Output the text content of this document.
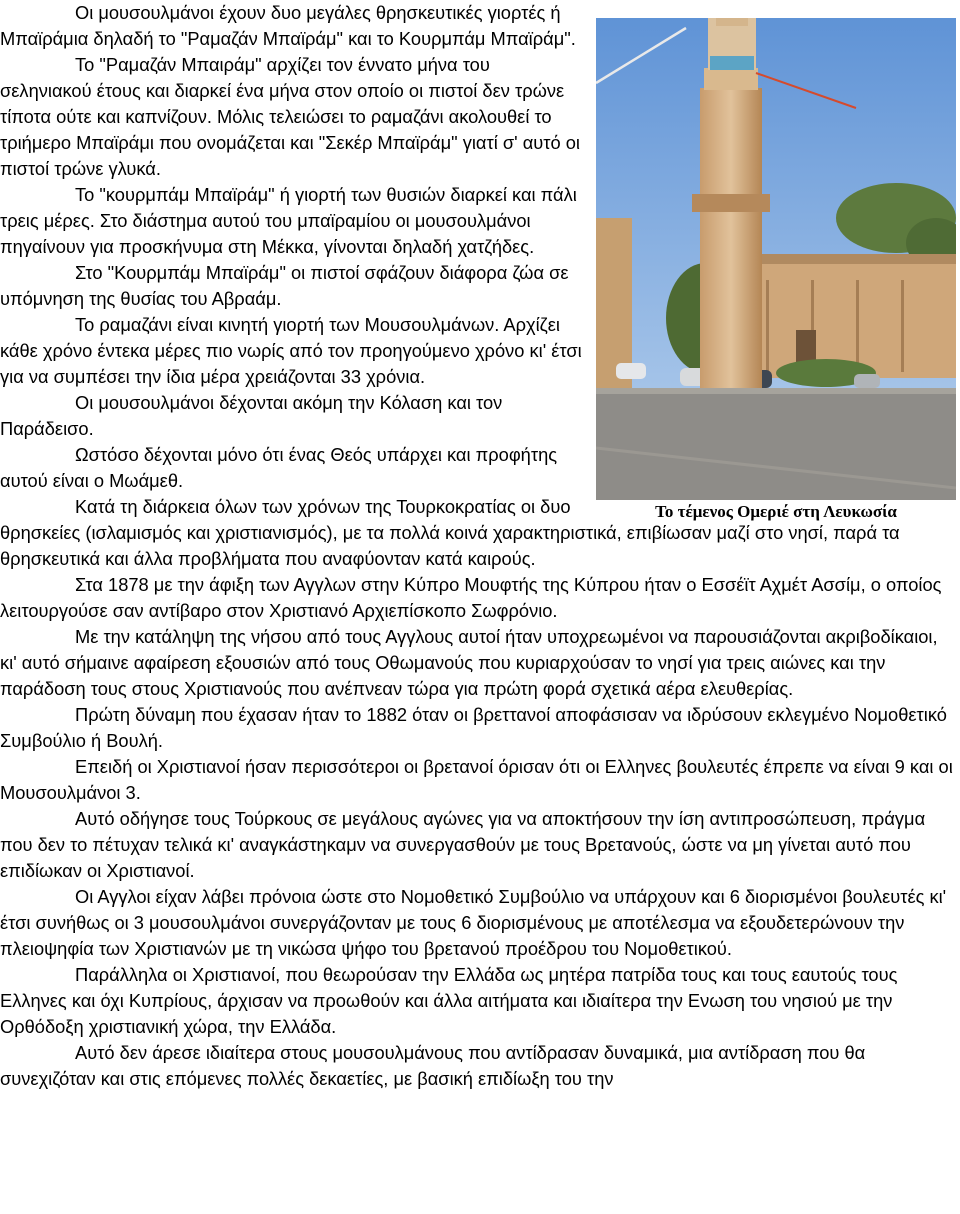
Το τέμενος Ομεριέ στη Λευκωσία

Οι μουσουλμάνοι έχουν δυο μεγάλες θρησκευτικές γιορτές ή Μπαϊράμια δηλαδή το "Ραμαζάν Μπαϊράμ" και το Κουρμπάμ Μπαϊράμ".

Το "Ραμαζάν Μπαιράμ" αρχίζει τον έννατο μήνα του σεληνιακού έτους και διαρκεί ένα μήνα στον οποίο οι πιστοί δεν τρώνε τίποτα ούτε και καπνίζουν. Μόλις τελειώσει το ραμαζάνι ακολουθεί το τριήμερο Μπαϊράμι που ονομάζεται και "Σεκέρ Μπαϊράμ" γιατί σ' αυτό οι πιστοί τρώνε γλυκά.

Το "κουρμπάμ Μπαϊράμ" ή γιορτή των θυσιών διαρκεί και πάλι τρεις μέρες. Στο διάστημα αυτού του μπαϊραμίου οι μουσουλμάνοι πηγαίνουν για προσκήνυμα στη Μέκκα, γίνονται δηλαδή χατζήδες.

Στο "Κουρμπάμ Μπαϊράμ" οι πιστοί σφάζουν διάφορα ζώα σε υπόμνηση της θυσίας του Αβραάμ.

Το ραμαζάνι είναι κινητή γιορτή των Μουσουλμάνων. Αρχίζει κάθε χρόνο έντεκα μέρες πιο νωρίς από τον προηγούμενο χρόνο κι' έτσι για να συμπέσει την ίδια μέρα χρειάζονται 33 χρόνια.

Οι μουσουλμάνοι δέχονται ακόμη την Κόλαση και τον Παράδεισο.

Ωστόσο δέχονται μόνο ότι ένας Θεός υπάρχει και προφήτης αυτού είναι ο Μωάμεθ.

Κατά τη διάρκεια όλων των χρόνων της Τουρκοκρατίας οι δυο θρησκείες (ισλαμισμός και χριστιανισμός), με τα πολλά κοινά χαρακτηριστικά, επιβίωσαν μαζί στο νησί, παρά τα θρησκευτικά και άλλα προβλήματα που αναφύονταν κατά καιρούς.

Στα 1878 με την άφιξη των Αγγλων στην Κύπρο Μουφτής της Κύπρου ήταν ο Εσσέϊτ Αχμέτ Ασσίμ, ο οποίος λειτουργούσε σαν αντίβαρο στον Χριστιανό Αρχιεπίσκοπο Σωφρόνιο.

Με την κατάληψη της νήσου από τους Αγγλους αυτοί ήταν υποχρεωμένοι να παρουσιάζονται ακριβοδίκαιοι, κι' αυτό σήμαινε αφαίρεση εξουσιών από τους Οθωμανούς που κυριαρχούσαν το νησί για τρεις αιώνες και την παράδοση τους στους Χριστιανούς που ανέπνεαν τώρα για πρώτη φορά σχετικά αέρα ελευθερίας.

Πρώτη δύναμη που έχασαν ήταν το 1882 όταν οι βρεττανοί αποφάσισαν να ιδρύσουν εκλεγμένο Νομοθετικό Συμβούλιο ή Βουλή.

Επειδή οι Χριστιανοί ήσαν περισσότεροι οι βρετανοί όρισαν ότι οι Ελληνες βουλευτές έπρεπε να είναι 9 και οι Μουσουλμάνοι 3.

Αυτό οδήγησε τους Τούρκους σε μεγάλους αγώνες για να αποκτήσουν την ίση αντιπροσώπευση, πράγμα που δεν το πέτυχαν τελικά κι' αναγκάστηκαμν να συνεργασθούν με τους Βρετανούς, ώστε να μη γίνεται αυτό που επιδίωκαν οι Χριστιανοί.

Οι Αγγλοι είχαν λάβει πρόνοια ώστε στο Νομοθετικό Συμβούλιο να υπάρχουν και 6 διορισμένοι βουλευτές κι' έτσι συνήθως οι 3 μουσουλμάνοι συνεργάζονταν με τους 6 διορισμένους με αποτέλεσμα να εξουδετερώνουν την πλειοψηφία των Χριστιανών με τη νικώσα ψήφο του βρετανού προέδρου του Νομοθετικού.

Παράλληλα οι Χριστιανοί, που θεωρούσαν την Ελλάδα ως μητέρα πατρίδα τους και τους εαυτούς τους Ελληνες και όχι Κυπρίους, άρχισαν να προωθούν και άλλα αιτήματα και ιδιαίτερα την Ενωση του νησιού με την Ορθόδοξη χριστιανική χώρα, την Ελλάδα.

Αυτό δεν άρεσε ιδιαίτερα στους μουσουλμάνους που αντίδρασαν δυναμικά, μια αντίδραση που θα συνεχιζόταν και στις επόμενες πολλές δεκαετίες, με βασική επιδίωξη του την
